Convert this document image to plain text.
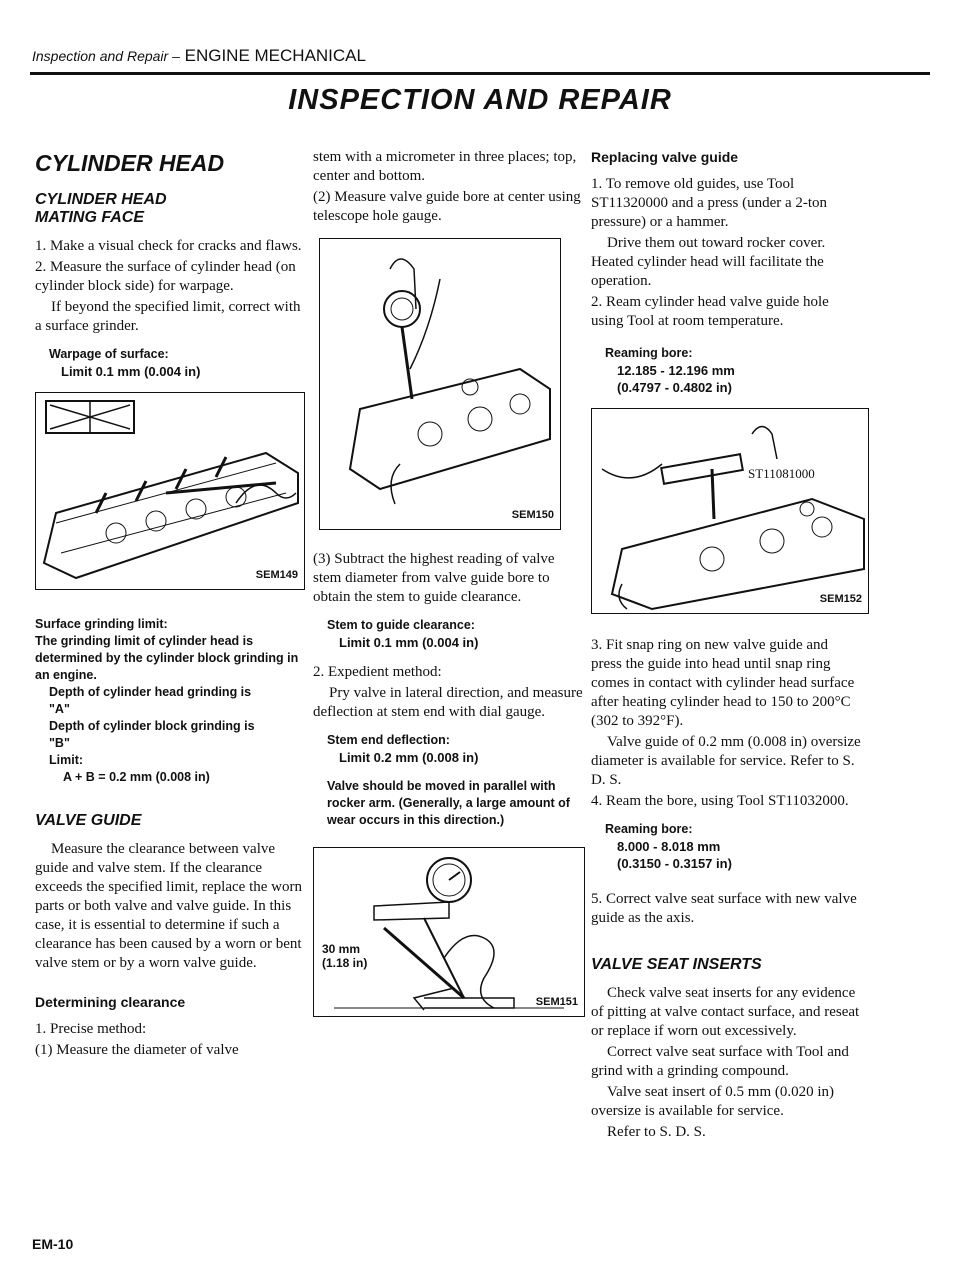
Inspection and Repair – ENGINE MECHANICAL
INSPECTION AND REPAIR
CYLINDER HEAD
CYLINDER HEAD
MATING FACE

1. Make a visual check for cracks and flaws.

2. Measure the surface of cylinder head (on cylinder block side) for warpage.

If beyond the specified limit, correct with a surface grinder.

Warpage of surface:
Limit 0.1 mm (0.004 in)
SEM149
Surface grinding limit:
The grinding limit of cylinder head is determined by the cylinder block grinding in an engine.
Depth of cylinder head grinding is
"A"
Depth of cylinder block grinding is
"B"
Limit:
A + B = 0.2 mm (0.008 in)
VALVE GUIDE

Measure the clearance between valve guide and valve stem. If the clearance exceeds the specified limit, replace the worn parts or both valve and valve guide. In this case, it is essential to determine if such a clearance has been caused by a worn or bent valve stem or by a worn valve guide.

Determining clearance

1. Precise method:

(1) Measure the diameter of valve

stem with a micrometer in three places; top, center and bottom.

(2) Measure valve guide bore at center using telescope hole gauge.

SEM150

(3) Subtract the highest reading of valve stem diameter from valve guide bore to obtain the stem to guide clearance.

Stem to guide clearance:
Limit 0.1 mm (0.004 in)

2. Expedient method:

Pry valve in lateral direction, and measure deflection at stem end with dial gauge.

Stem end deflection:
Limit 0.2 mm (0.008 in)
Valve should be moved in parallel with rocker arm. (Generally, a large amount of wear occurs in this direction.)
30 mm
(1.18 in)
SEM151
Replacing valve guide

1. To remove old guides, use Tool ST11320000 and a press (under a 2-ton pressure) or a hammer.

Drive them out toward rocker cover. Heated cylinder head will facilitate the operation.

2. Ream cylinder head valve guide hole using Tool at room temperature.

Reaming bore:
12.185 - 12.196 mm
(0.4797 - 0.4802 in)
ST11081000
SEM152

3. Fit snap ring on new valve guide and press the guide into head until snap ring comes in contact with cylinder head surface after heating cylinder head to 150 to 200°C (302 to 392°F).

Valve guide of 0.2 mm (0.008 in) oversize diameter is available for service. Refer to S. D. S.

4. Ream the bore, using Tool ST11032000.

Reaming bore:
8.000 - 8.018 mm
(0.3150 - 0.3157 in)

5. Correct valve seat surface with new valve guide as the axis.

VALVE SEAT INSERTS

Check valve seat inserts for any evidence of pitting at valve contact surface, and reseat or replace if worn out excessively.

Correct valve seat surface with Tool and grind with a grinding compound.

Valve seat insert of 0.5 mm (0.020 in) oversize is available for service.

Refer to S. D. S.

EM-10
